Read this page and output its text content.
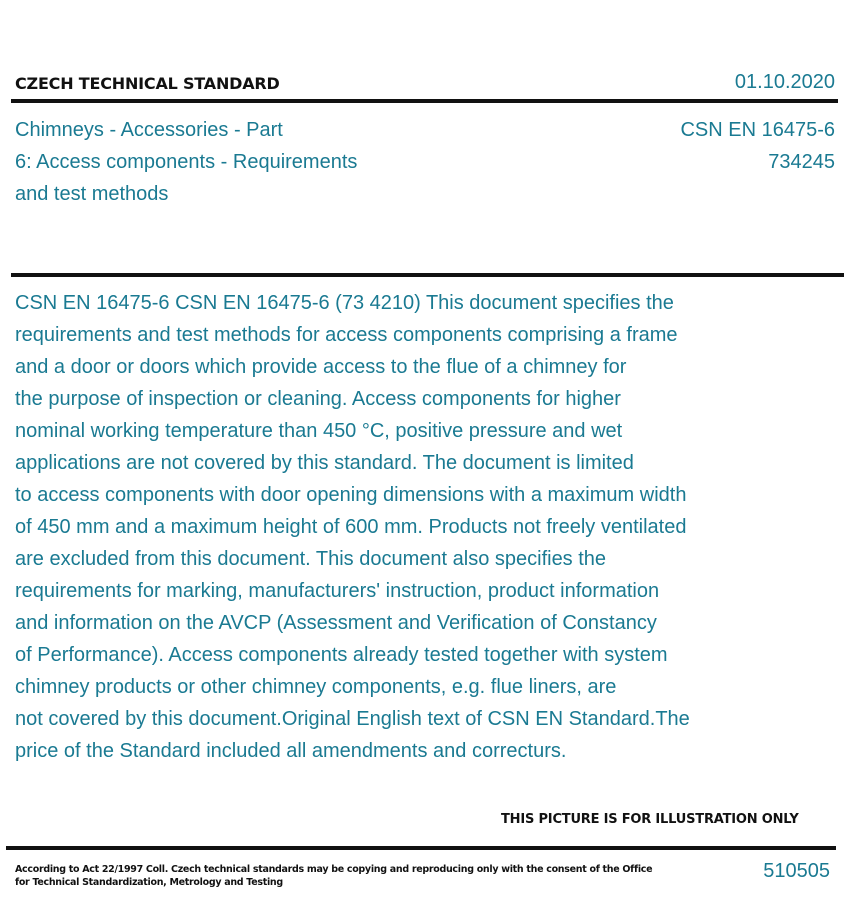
CZECH TECHNICAL STANDARD	01.10.2020
Chimneys - Accessories - Part
6: Access components - Requirements
and test methods
CSN EN 16475-6
734245
CSN EN 16475-6 CSN EN 16475-6 (73 4210) This document specifies the
requirements and test methods for access components comprising a frame
and a door or doors which provide access to the flue of a chimney for
the purpose of inspection or cleaning. Access components for higher
nominal working temperature than 450 °C, positive pressure and wet
applications are not covered by this standard. The document is limited
to access components with door opening dimensions with a maximum width
of 450 mm and a maximum height of 600 mm. Products not freely ventilated
are excluded from this document. This document also specifies the
requirements for marking, manufacturers' instruction, product information
and information on the AVCP (Assessment and Verification of Constancy
of Performance). Access components already tested together with system
chimney products or other chimney components, e.g. flue liners, are
not covered by this document.Original English text of CSN EN Standard.The
price of the Standard included all amendments and correcturs.
THIS PICTURE IS FOR ILLUSTRATION ONLY
According to Act 22/1997 Coll. Czech technical standards may be copying and reproducing only with the consent of the Office
for Technical Standardization, Metrology and Testing	510505
